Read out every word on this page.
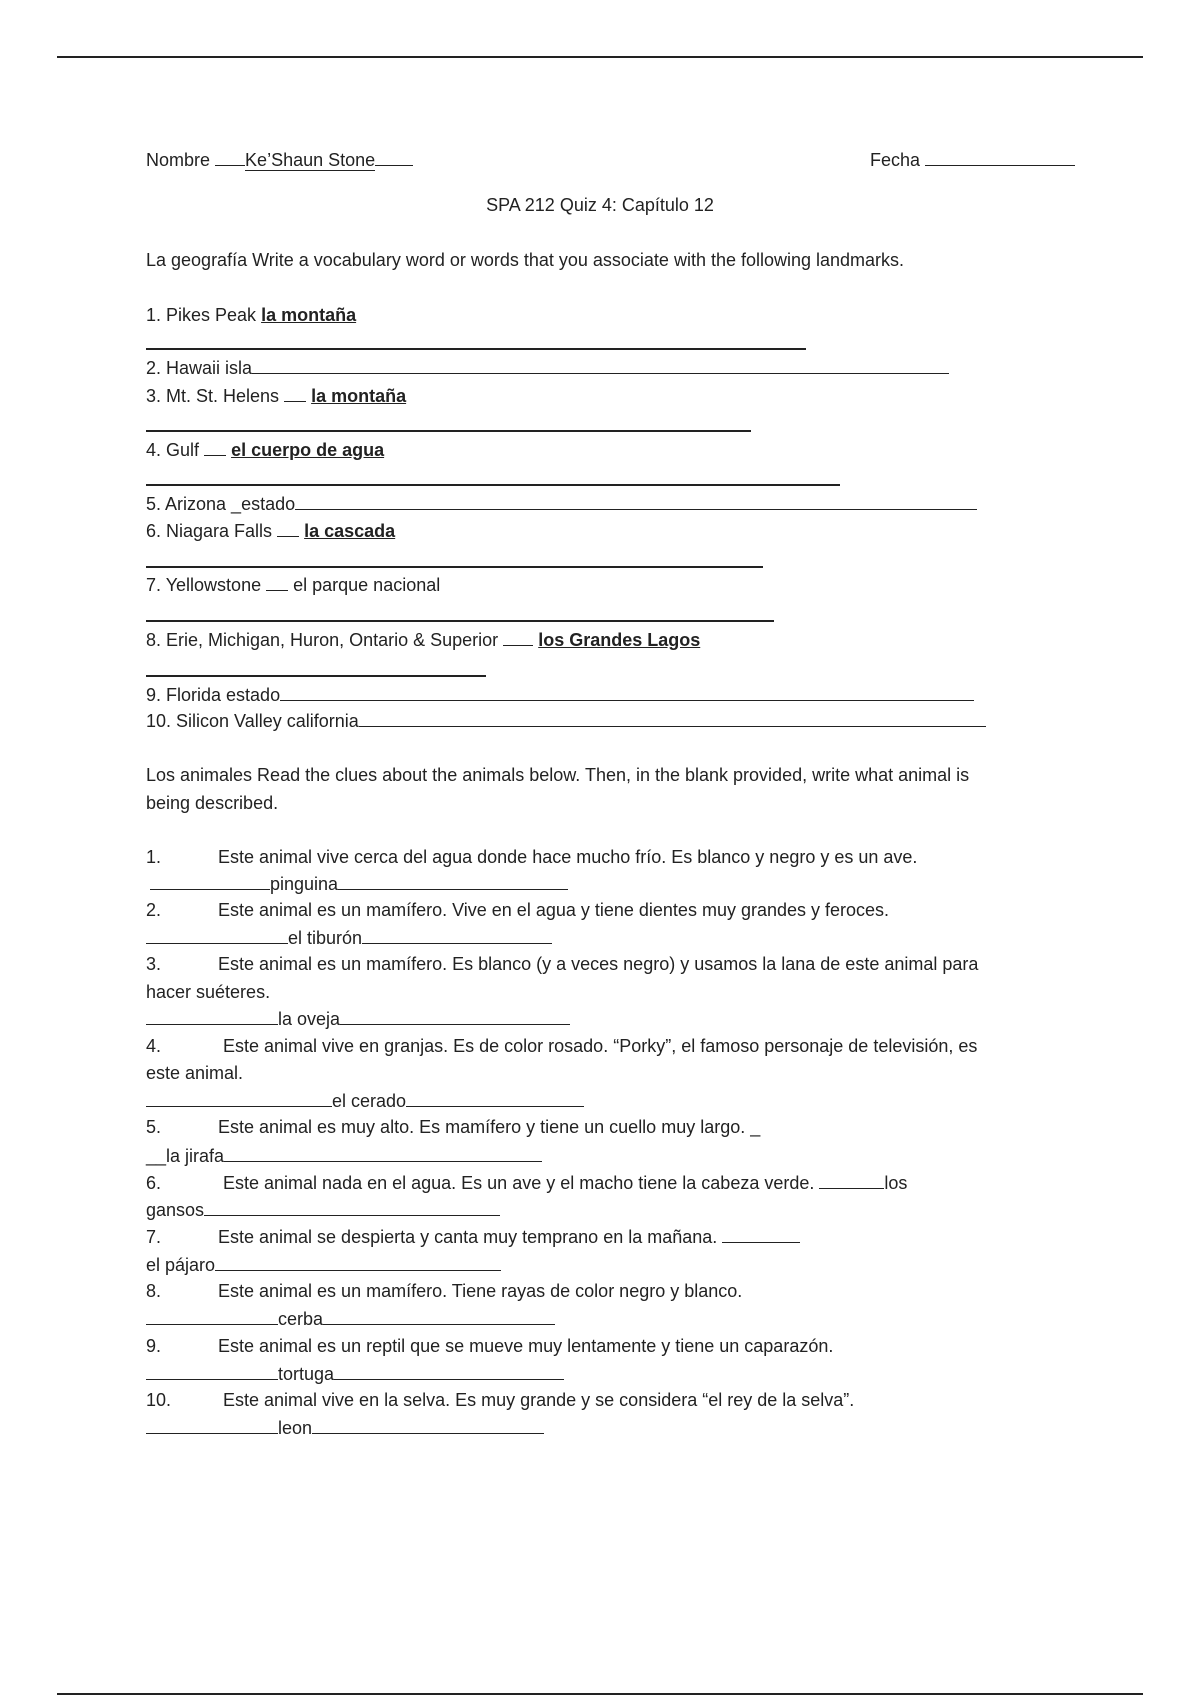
Nombre Ke’Shaun Stone	Fecha
SPA 212 Quiz 4: Capítulo 12
La geografía Write a vocabulary word or words that you associate with the following landmarks.
1. Pikes Peak la montaña
2. Hawaii isla
3. Mt. St. Helens la montaña
4. Gulf el cuerpo de agua
5. Arizona _estado
6. Niagara Falls la cascada
7. Yellowstone el parque nacional
8. Erie, Michigan, Huron, Ontario & Superior los Grandes Lagos
9. Florida estado
10. Silicon Valley california
Los animales Read the clues about the animals below. Then, in the blank provided, write what animal is
being described.
1.	Este animal vive cerca del agua donde hace mucho frío. Es blanco y negro y es un ave.
pinguina
2.	Este animal es un mamífero. Vive en el agua y tiene dientes muy grandes y feroces.
el tiburón
3.	Este animal es un mamífero. Es blanco (y a veces negro) y usamos la lana de este animal para
hacer suéteres.
la oveja
4.	Este animal vive en granjas. Es de color rosado. “Porky”, el famoso personaje de televisión, es
este animal.
el cerado
5.	Este animal es muy alto. Es mamífero y tiene un cuello muy largo. _
__la jirafa
6.	Este animal nada en el agua. Es un ave y el macho tiene la cabeza verde.	los
gansos
7.	Este animal se despierta y canta muy temprano en la mañana.
el pájaro
8.	Este animal es un mamífero. Tiene rayas de color negro y blanco.
cerba
9.	Este animal es un reptil que se mueve muy lentamente y tiene un caparazón.
tortuga
10.	Este animal vive en la selva. Es muy grande y se considera “el rey de la selva”.
leon
